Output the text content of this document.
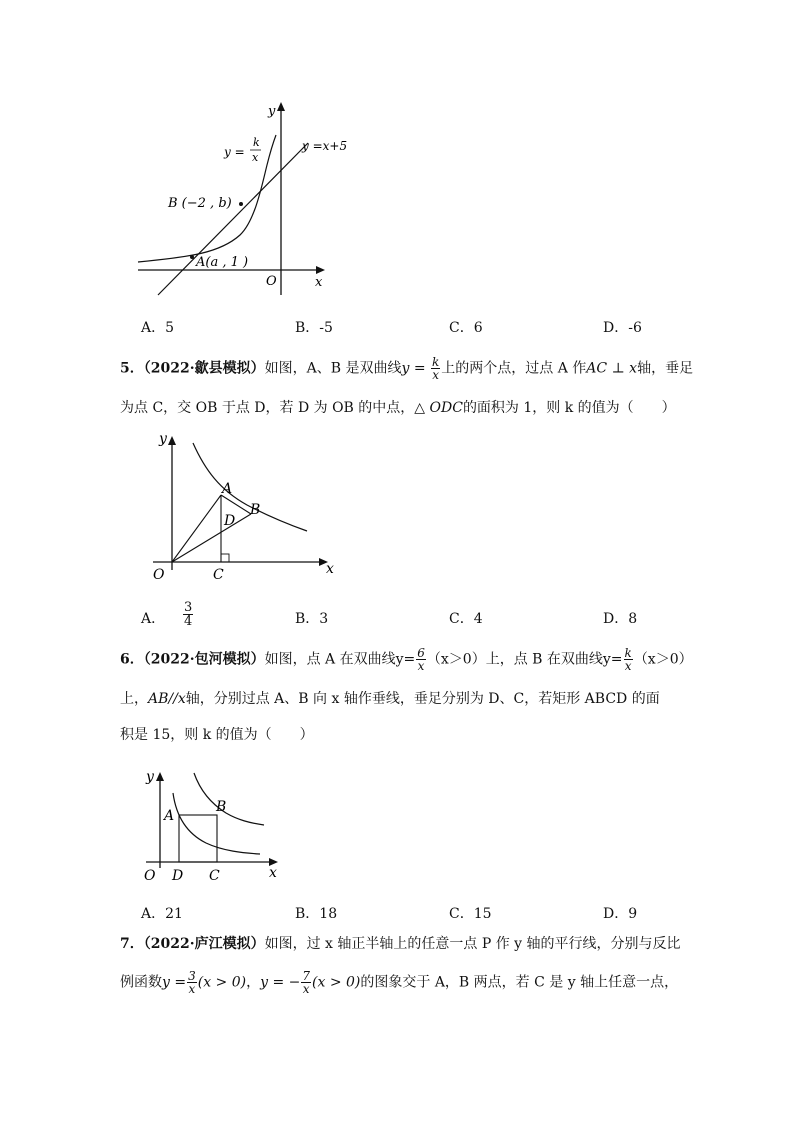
y
x
O
y =
k
x
y =x+5
B (−2 , b)
A(a , 1 )
A．5	B．-5	C．6	D．-6
5．（2022·歙县模拟）如图，A、B 是双曲线$y = \frac{k}{x}$ 上的两个点，过点 A 作AC ⊥ x轴，垂足
为点 C，交 OB 于点 D，若 D 为 OB 的中点，△ ODC的面积为 1，则 k 的值为（　　）
y
x
O
A
B
C
D
A． $\frac{3}{4}$	B．3	C．4	D．8
6．（2022·包河模拟）如图，点 A 在双曲线$y= \frac{6}{x} (x>0)$上，点 B 在双曲线$y= \frac{k}{x} (x>0)$
上，AB//x轴，分别过点 A、B 向 x 轴作垂线，垂足分别为 D、C，若矩形 ABCD 的面
积是 15，则 k 的值为（　　）
y
x
O
A
B
D C
A．21	B．18	C．15	D．9
7．（2022·庐江模拟）如图，过 x 轴正半轴上的任意一点 P 作 y 轴的平行线，分别与反比
例函数$y = \frac{3}{x} (x > 0)$，y = − $\frac{7}{x} (x > 0)$的图象交于 A，B 两点，若 C 是 y 轴上任意一点，
